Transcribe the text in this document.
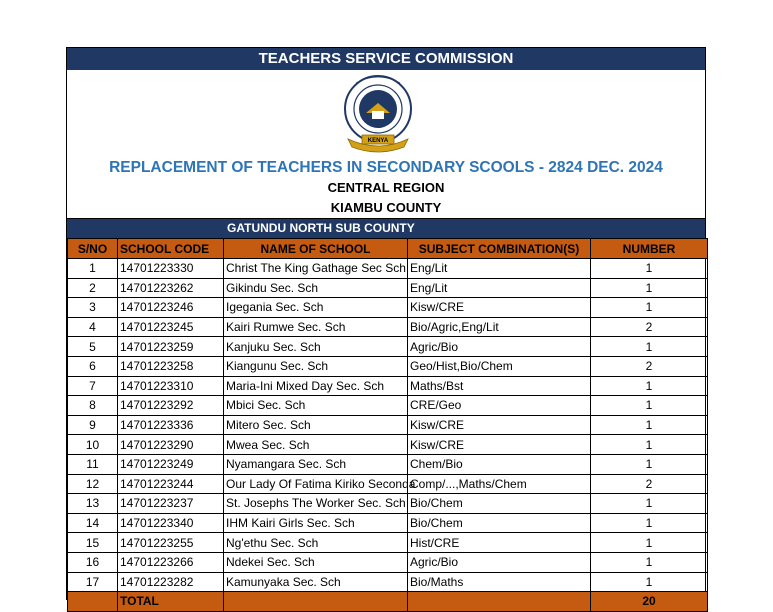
TEACHERS SERVICE COMMISSION
KENYA
REPLACEMENT OF TEACHERS IN SECONDARY SCOOLS - 2824 DEC. 2024
CENTRAL REGION
KIAMBU COUNTY
GATUNDU NORTH SUB COUNTY
S/NO	SCHOOL CODE	NAME OF SCHOOL	SUBJECT COMBINATION(S)	NUMBER
1	14701223330	Christ The King Gathage Sec Sch	Eng/Lit	1
2	14701223262	Gikindu Sec. Sch	Eng/Lit	1
3	14701223246	Igegania Sec. Sch	Kisw/CRE	1
4	14701223245	Kairi Rumwe Sec. Sch	Bio/Agric,Eng/Lit	2
5	14701223259	Kanjuku Sec. Sch	Agric/Bio	1
6	14701223258	Kiangunu Sec. Sch	Geo/Hist,Bio/Chem	2
7	14701223310	Maria-Ini Mixed Day Sec. Sch	Maths/Bst	1
8	14701223292	Mbici Sec. Sch	CRE/Geo	1
9	14701223336	Mitero Sec. Sch	Kisw/CRE	1
10	14701223290	Mwea Sec. Sch	Kisw/CRE	1
11	14701223249	Nyamangara Sec. Sch	Chem/Bio	1
12	14701223244	Our Lady Of Fatima Kiriko Seconda	Comp/...,Maths/Chem	2
13	14701223237	St. Josephs The Worker Sec. Sch	Bio/Chem	1
14	14701223340	IHM Kairi Girls Sec. Sch	Bio/Chem	1
15	14701223255	Ng'ethu Sec. Sch	Hist/CRE	1
16	14701223266	Ndekei Sec. Sch	Agric/Bio	1
17	14701223282	Kamunyaka Sec. Sch	Bio/Maths	1
	TOTAL			20
